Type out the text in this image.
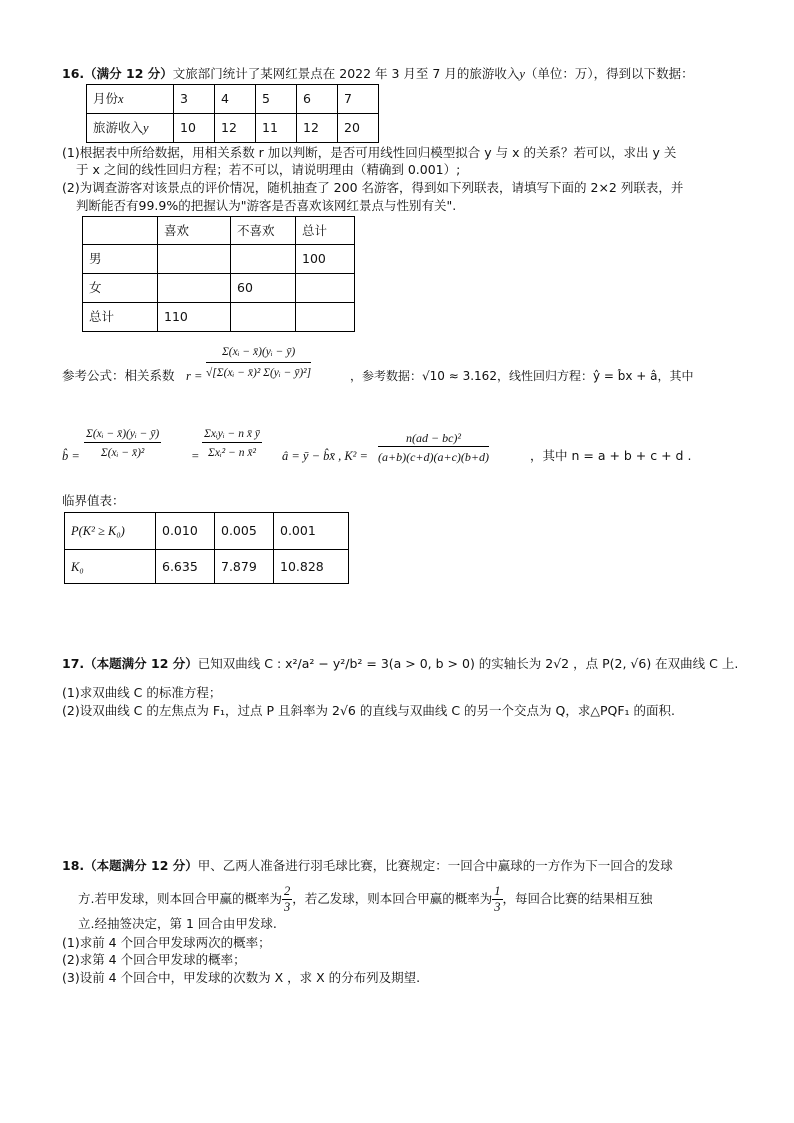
16.（满分 12 分）文旅部门统计了某网红景点在 2022 年 3 月至 7 月的旅游收入y（单位：万），得到以下数据：
月份x	3	4	5	6	7
旅游收入y	10	12	11	12	20
(1)根据表中所给数据，用相关系数 r 加以判断，是否可用线性回归模型拟合 y 与 x 的关系？若可以，求出 y 关
于 x 之间的线性回归方程；若不可以，请说明理由（精确到 0.001）;
(2)为调查游客对该景点的评价情况，随机抽查了 200 名游客，得到如下列联表，请填写下面的 2×2 列联表，并
判断能否有99.9%的把握认为"游客是否喜欢该网红景点与性别有关".
	喜欢	不喜欢	总计
男			100
女		60	
总计	110		
参考公式：相关系数 $r = \frac{\text{Σ(xᵢ − x̄)(yᵢ − ȳ)}}{\text{√[Σ(xᵢ − x̄)² Σ(yᵢ − ȳ)²]}}$	，参考数据：√10 ≈ 3.162，线性回归方程：ŷ = b̂x + â，其中
b̂ = $\frac{\text{Σ(xᵢ − x̄)(yᵢ − ȳ)}}{\text{Σ(xᵢ − x̄)²}} = \frac{\text{Σxᵢyᵢ − n x̄ ȳ}}{\text{Σxᵢ² − n x̄²}}$ â = ȳ − b̂x̄ , $K^2 = \frac{\text{n(ad − bc)²}}{(a+b)(c+d)(a+c)(b+d)}$	，其中 n = a + b + c + d .
临界值表：
P(K² ≥ K₀)	0.010	0.005	0.001
K₀	6.635	7.879	10.828
17.（本题满分 12 分）已知双曲线 C : x²/a² − y²/b² = 3(a > 0, b > 0) 的实轴长为 2√2 ，点 P(2, √6) 在双曲线 C 上.
(1)求双曲线 C 的标准方程；
(2)设双曲线 C 的左焦点为 F₁，过点 P 且斜率为 2√6 的直线与双曲线 C 的另一个交点为 Q，求△PQF₁ 的面积.
18.（本题满分 12 分）甲、乙两人准备进行羽毛球比赛，比赛规定：一回合中赢球的一方作为下一回合的发球
方.若甲发球，则本回合甲赢的概率为 $\frac{2}{3}$ ，若乙发球，则本回合甲赢的概率为 $\frac{1}{3}$ ，每回合比赛的结果相互独
立.经抽签决定，第 1 回合由甲发球.
(1)求前 4 个回合甲发球两次的概率；
(2)求第 4 个回合甲发球的概率；
(3)设前 4 个回合中，甲发球的次数为 X ，求 X 的分布列及期望.
